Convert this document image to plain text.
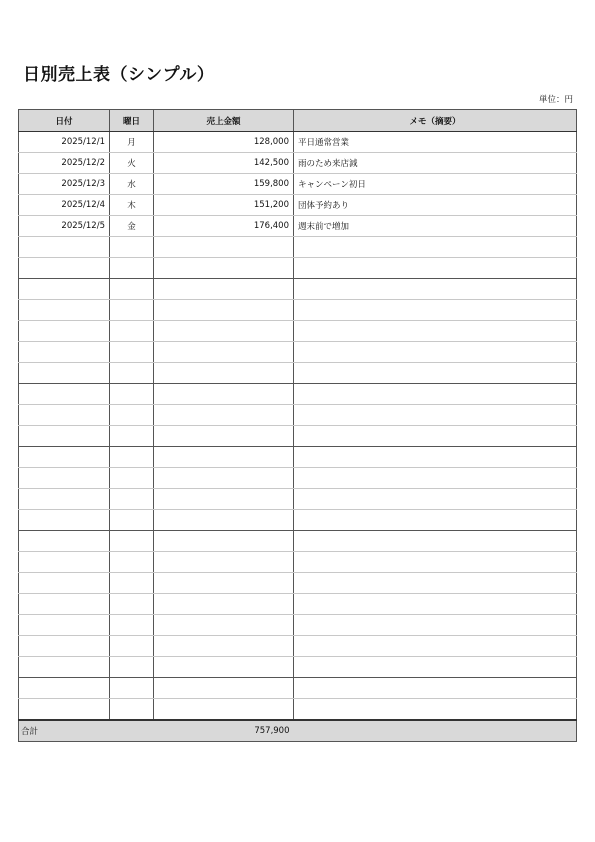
日別売上表（シンプル）
単位：円
日付	曜日	売上金額	メモ（摘要）
2025/12/1	月	128,000	平日通常営業
2025/12/2	火	142,500	雨のため来店減
2025/12/3	水	159,800	キャンペーン初日
2025/12/4	木	151,200	団体予約あり
2025/12/5	金	176,400	週末前で増加

合計		757,900	
